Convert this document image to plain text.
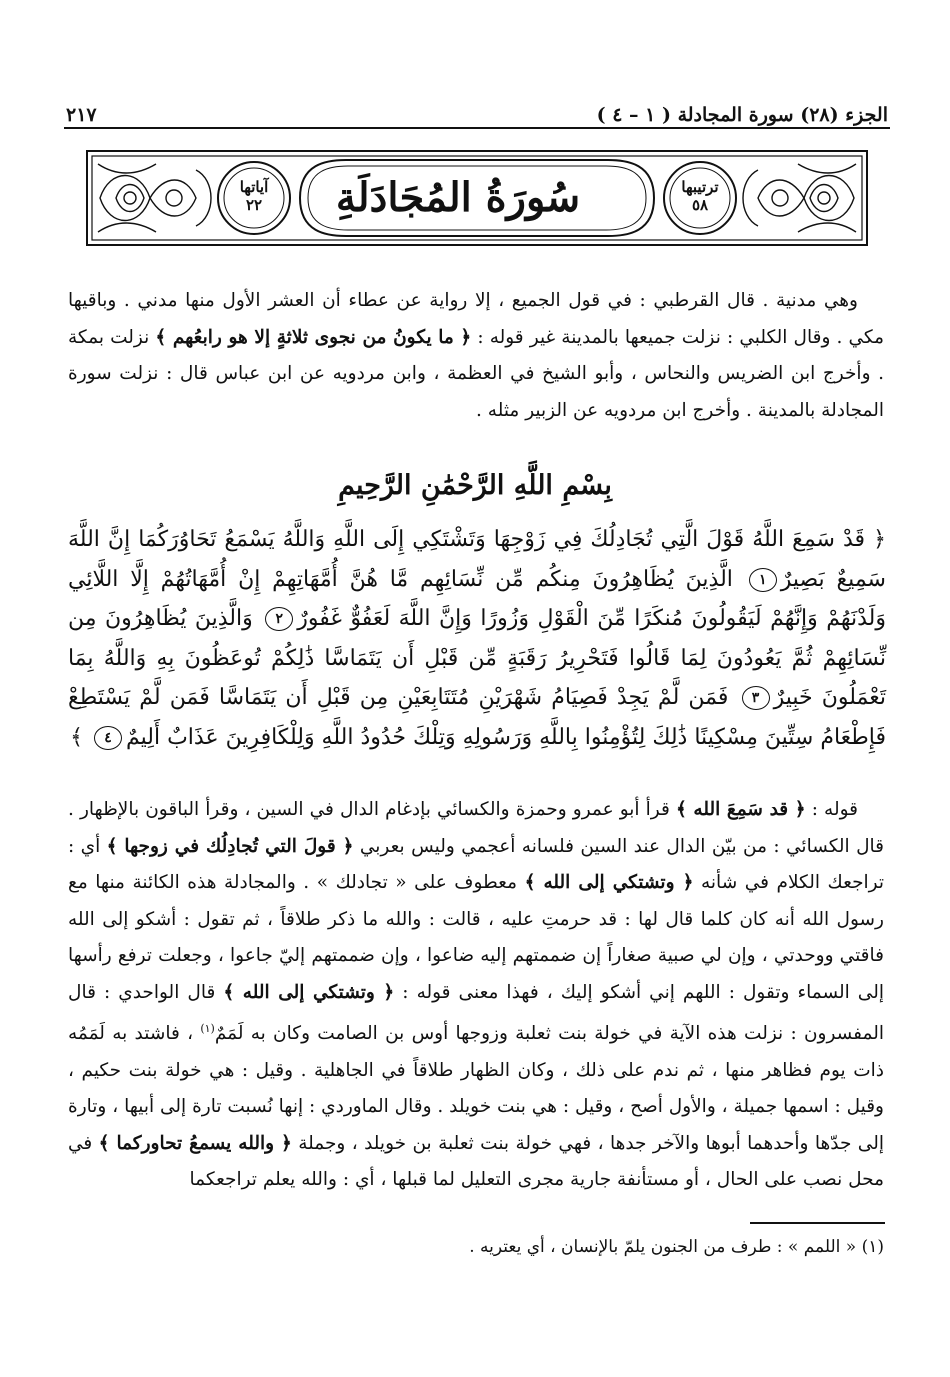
الجزء (٢٨) سورة المجادلة ( ١ – ٤ )
٢١٧
آياتها
٢٢
ترتيبها
٥٨
سُورَةُ المُجَادَلَةِ

وهي مدنية . قال القرطبي : في قول الجميع ، إلا رواية عن عطاء أن العشر الأول منها مدني . وباقيها مكي . وقال الكلبي : نزلت جميعها بالمدينة غير قوله : ﴿ ما يكونُ من نجوى ثلاثةٍ إلا هو رابعُهم ﴾ نزلت بمكة . وأخرج ابن الضريس والنحاس ، وأبو الشيخ في العظمة ، وابن مردويه عن ابن عباس قال : نزلت سورة المجادلة بالمدينة . وأخرج ابن مردويه عن الزبير مثله .

بِسْمِ اللَّهِ الرَّحْمَٰنِ الرَّحِيمِ
﴿ قَدْ سَمِعَ اللَّهُ قَوْلَ الَّتِي تُجَادِلُكَ فِي زَوْجِهَا وَتَشْتَكِي إِلَى اللَّهِ وَاللَّهُ يَسْمَعُ تَحَاوُرَكُمَا إِنَّ اللَّهَ سَمِيعٌ بَصِيرٌ١ الَّذِينَ يُظَاهِرُونَ مِنكُم مِّن نِّسَائِهِم مَّا هُنَّ أُمَّهَاتِهِمْ إِنْ أُمَّهَاتُهُمْ إِلَّا اللَّائِي وَلَدْنَهُمْ وَإِنَّهُمْ لَيَقُولُونَ مُنكَرًا مِّنَ الْقَوْلِ وَزُورًا وَإِنَّ اللَّهَ لَعَفُوٌّ غَفُورٌ٢ وَالَّذِينَ يُظَاهِرُونَ مِن نِّسَائِهِمْ ثُمَّ يَعُودُونَ لِمَا قَالُوا فَتَحْرِيرُ رَقَبَةٍ مِّن قَبْلِ أَن يَتَمَاسَّا ذَٰلِكُمْ تُوعَظُونَ بِهِ وَاللَّهُ بِمَا تَعْمَلُونَ خَبِيرٌ٣ فَمَن لَّمْ يَجِدْ فَصِيَامُ شَهْرَيْنِ مُتَتَابِعَيْنِ مِن قَبْلِ أَن يَتَمَاسَّا فَمَن لَّمْ يَسْتَطِعْ فَإِطْعَامُ سِتِّينَ مِسْكِينًا ذَٰلِكَ لِتُؤْمِنُوا بِاللَّهِ وَرَسُولِهِ وَتِلْكَ حُدُودُ اللَّهِ وَلِلْكَافِرِينَ عَذَابٌ أَلِيمٌ٤ ﴾

قوله : ﴿ قد سَمِعَ الله ﴾ قرأ أبو عمرو وحمزة والكسائي بإدغام الدال في السين ، وقرأ الباقون بالإظهار . قال الكسائي : من بيّن الدال عند السين فلسانه أعجمي وليس بعربي ﴿ قولَ التي تُجادِلُك في زوجها ﴾ أي : تراجعك الكلام في شأنه ﴿ وتشتكي إلى الله ﴾ معطوف على « تجادلك » . والمجادلة هذه الكائنة منها مع رسول الله أنه كان كلما قال لها : قد حرمتِ عليه ، قالت : والله ما ذكر طلاقاً ، ثم تقول : أشكو إلى الله فاقتي ووحدتي ، وإن لي صبية صغاراً إن ضممتهم إليه ضاعوا ، وإن ضممتهم إليّ جاعوا ، وجعلت ترفع رأسها إلى السماء وتقول : اللهم إني أشكو إليك ، فهذا معنى قوله : ﴿ وتشتكي إلى الله ﴾ قال الواحدي : قال المفسرون : نزلت هذه الآية في خولة بنت ثعلبة وزوجها أوس بن الصامت وكان به لَمَمٌ$^{(١)}$ ، فاشتد به لَمَمُه ذات يوم فظاهر منها ، ثم ندم على ذلك ، وكان الظهار طلاقاً في الجاهلية . وقيل : هي خولة بنت حكيم ، وقيل : اسمها جميلة ، والأول أصح ، وقيل : هي بنت خويلد . وقال الماوردي : إنها نُسبت تارة إلى أبيها ، وتارة إلى جدّها وأحدهما أبوها والآخر جدها ، فهي خولة بنت ثعلبة بن خويلد ، وجملة ﴿ والله يسمعُ تحاوركما ﴾ في محل نصب على الحال ، أو مستأنفة جارية مجرى التعليل لما قبلها ، أي : والله يعلم تراجعكما

(١) « اللمم » : طرف من الجنون يلمّ بالإنسان ، أي يعتريه .
